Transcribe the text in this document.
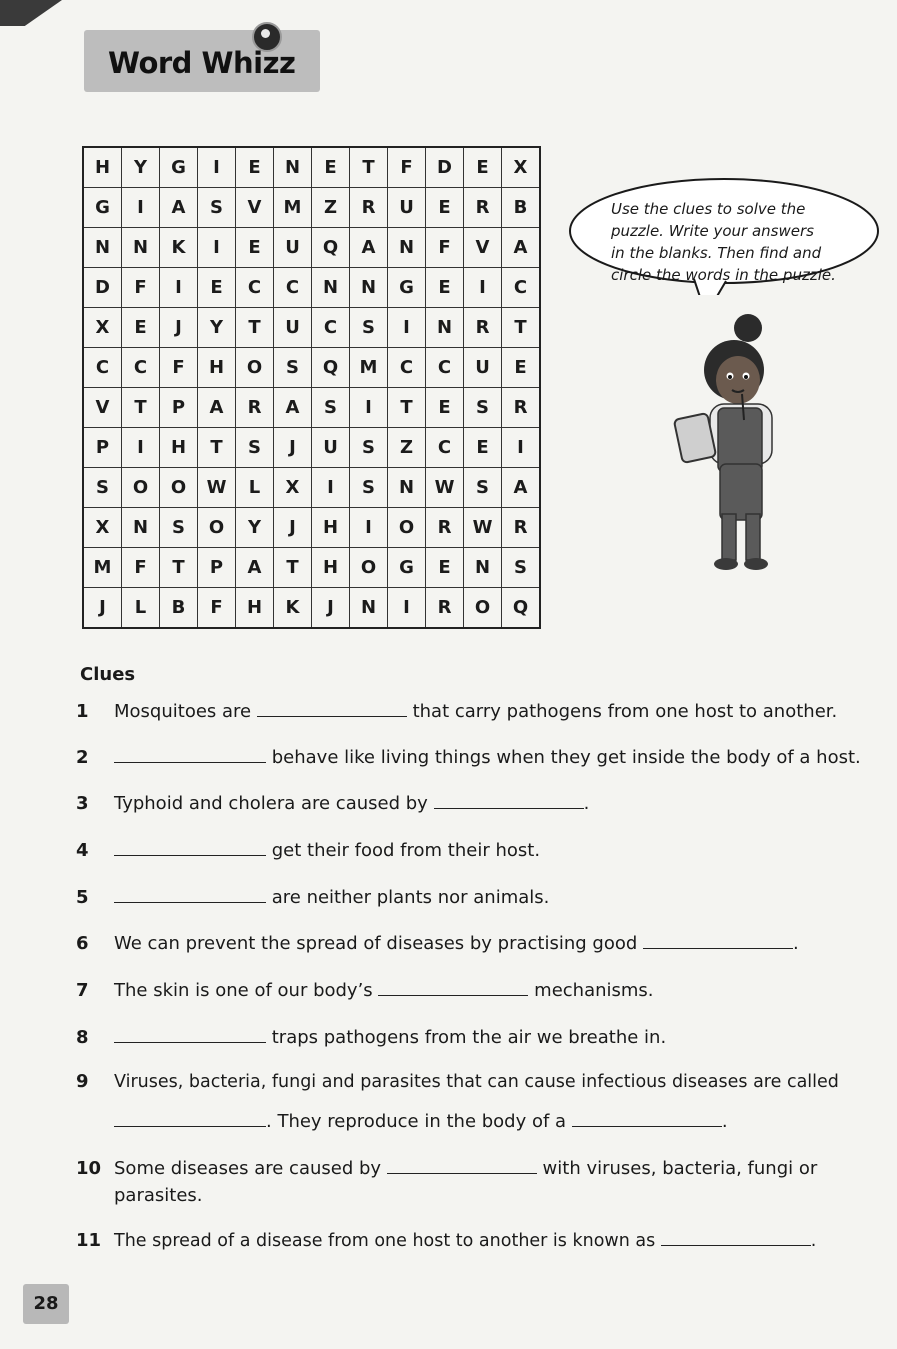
Word Whizz

H	Y	G	I	E	N	E	T	F	D	E	X
G	I	A	S	V	M	Z	R	U	E	R	B
N	N	K	I	E	U	Q	A	N	F	V	A
D	F	I	E	C	C	N	N	G	E	I	C
X	E	J	Y	T	U	C	S	I	N	R	T
C	C	F	H	O	S	Q	M	C	C	U	E
V	T	P	A	R	A	S	I	T	E	S	R
P	I	H	T	S	J	U	S	Z	C	E	I
S	O	O	W	L	X	I	S	N	W	S	A
X	N	S	O	Y	J	H	I	O	R	W	R
M	F	T	P	A	T	H	O	G	E	N	S
J	L	B	F	H	K	J	N	I	R	O	Q
Use the clues to solve the
puzzle. Write your answers
in the blanks. Then find and
circle the words in the puzzle.
Clues
1	Mosquitoes are	that carry pathogens from one host to another.
2	behave like living things when they get inside the body of a host.
3	Typhoid and cholera are caused by	.
4	get their food from their host.
5	are neither plants nor animals.
6	We can prevent the spread of diseases by practising good	.
7	The skin is one of our body’s	mechanisms.
8	traps pathogens from the air we breathe in.
9	Viruses, bacteria, fungi and parasites that can cause infectious diseases are called
. They reproduce in the body of a	.
10 Some diseases are caused by	with viruses, bacteria, fungi or
parasites.
11 The spread of a disease from one host to another is known as	.
28
